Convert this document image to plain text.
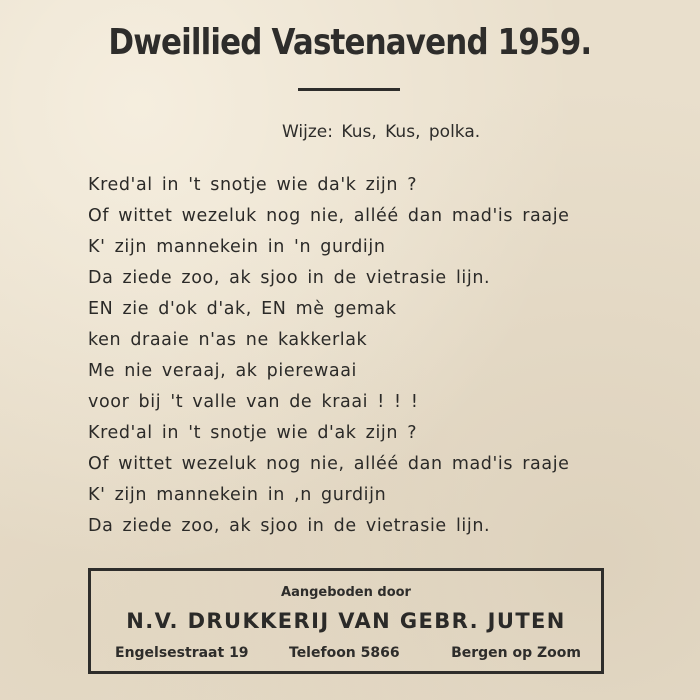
Dweillied Vastenavend 1959.
Wijze: Kus, Kus, polka.
Kred'al in 't snotje wie da'k zijn ?
Of wittet wezeluk nog nie, alléé dan mad'is raaje
K' zijn mannekein in 'n gurdijn
Da ziede zoo, ak sjoo in de vietrasie lijn.
EN zie d'ok d'ak, EN mè gemak
ken draaie n'as ne kakkerlak
Me nie veraaj, ak pierewaai
voor bij 't valle van de kraai ! ! !
Kred'al in 't snotje wie d'ak zijn ?
Of wittet wezeluk nog nie, alléé dan mad'is raaje
K' zijn mannekein in ,n gurdijn
Da ziede zoo, ak sjoo in de vietrasie lijn.
Aangeboden door
N.V. DRUKKERIJ VAN GEBR. JUTEN
Engelsestraat 19	Telefoon 5866	Bergen op Zoom
